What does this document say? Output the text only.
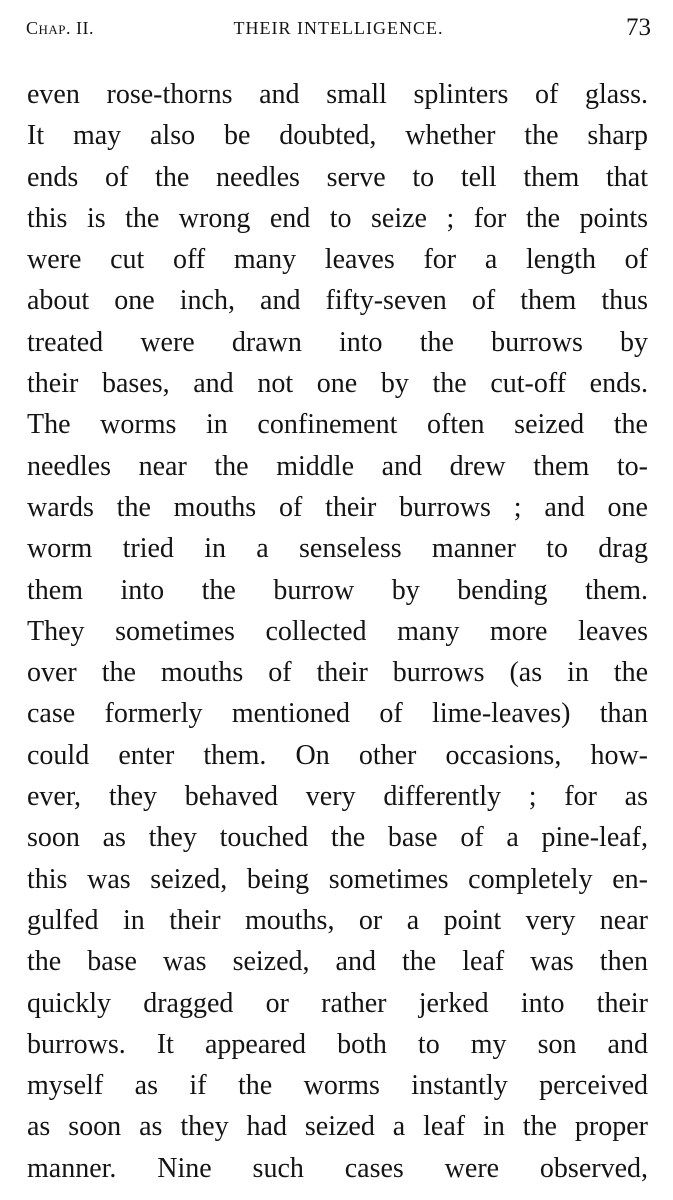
Chap. II.	THEIR INTELLIGENCE.	73
even rose-thorns and small splinters of glass.
It may also be doubted, whether the sharp
ends of the needles serve to tell them that
this is the wrong end to seize ; for the points
were cut off many leaves for a length of
about one inch, and fifty-seven of them thus
treated were drawn into the burrows by
their bases, and not one by the cut-off ends.
The worms in confinement often seized the
needles near the middle and drew them to-
wards the mouths of their burrows ; and one
worm tried in a senseless manner to drag
them into the burrow by bending them.
They sometimes collected many more leaves
over the mouths of their burrows (as in the
case formerly mentioned of lime-leaves) than
could enter them. On other occasions, how-
ever, they behaved very differently ; for as
soon as they touched the base of a pine-leaf,
this was seized, being sometimes completely en-
gulfed in their mouths, or a point very near
the base was seized, and the leaf was then
quickly dragged or rather jerked into their
burrows. It appeared both to my son and
myself as if the worms instantly perceived
as soon as they had seized a leaf in the proper
manner. Nine such cases were observed,
